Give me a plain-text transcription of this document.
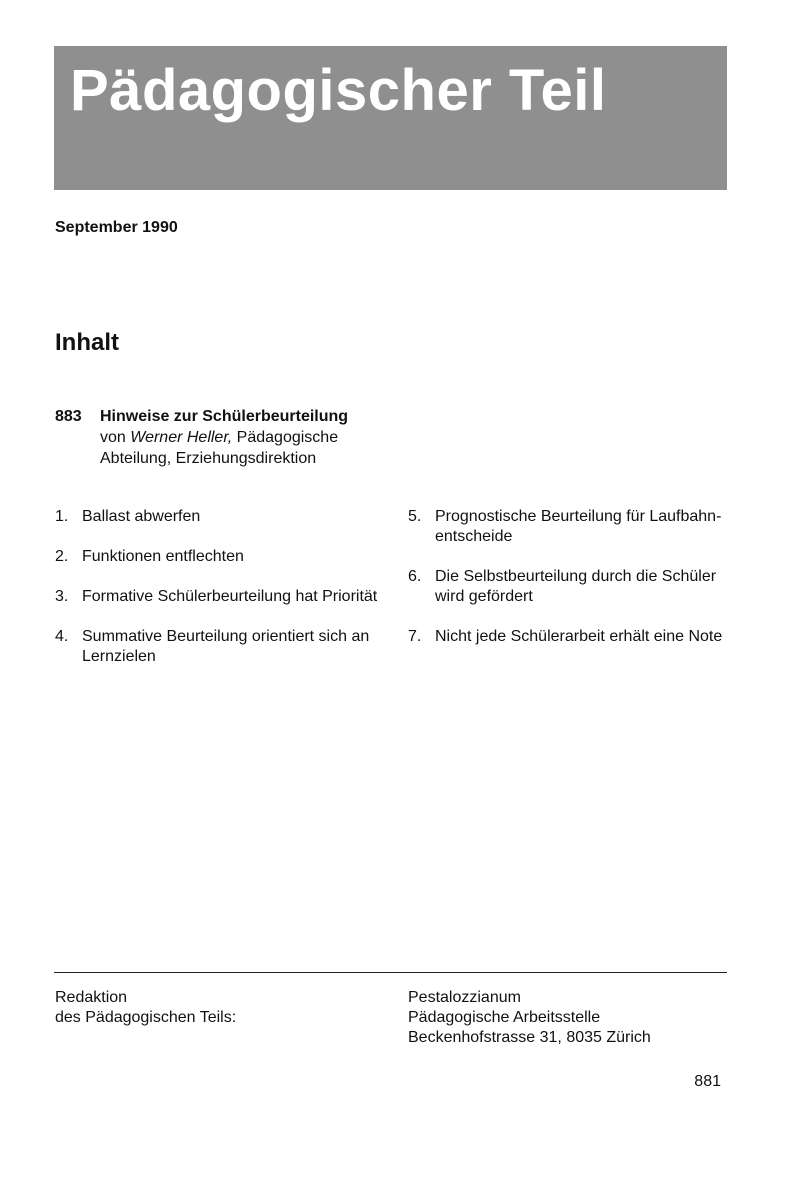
Pädagogischer Teil
September 1990
Inhalt
883 Hinweise zur Schülerbeurteilung
von Werner Heller, Pädagogische
Abteilung, Erziehungsdirektion
1. Ballast abwerfen
2. Funktionen entflechten
3. Formative Schülerbeurteilung hat Priorität
4. Summative Beurteilung orientiert sich an Lernzielen
5. Prognostische Beurteilung für Laufbahn-entscheide
6. Die Selbstbeurteilung durch die Schüler wird gefördert
7. Nicht jede Schülerarbeit erhält eine Note
Redaktion
des Pädagogischen Teils:
Pestalozzianum
Pädagogische Arbeitsstelle
Beckenhofstrasse 31, 8035 Zürich
881
